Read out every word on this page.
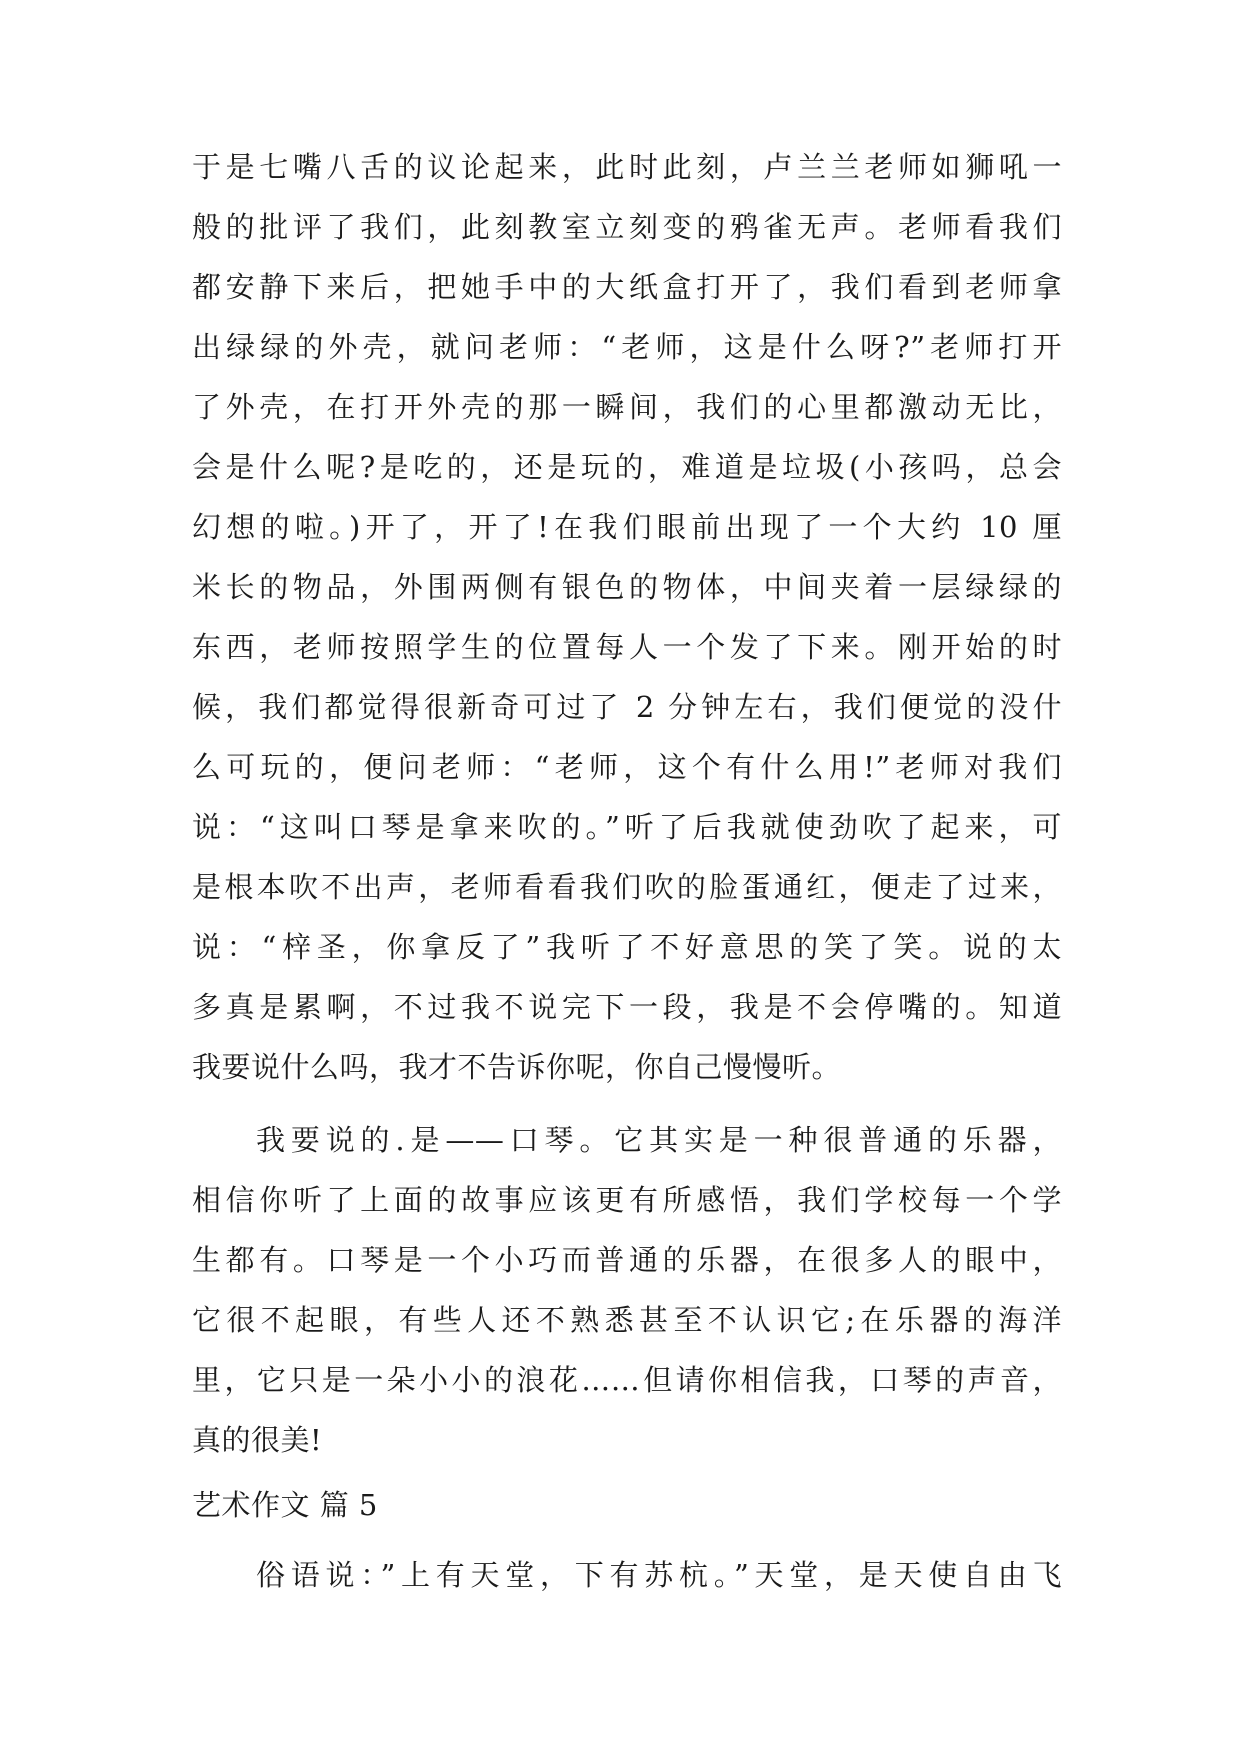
于是七嘴八舌的议论起来，此时此刻，卢兰兰老师如狮吼一
般的批评了我们，此刻教室立刻变的鸦雀无声。老师看我们
都安静下来后，把她手中的大纸盒打开了，我们看到老师拿
出绿绿的外壳，就问老师：“老师，这是什么呀?”老师打开
了外壳，在打开外壳的那一瞬间，我们的心里都激动无比，
会是什么呢?是吃的，还是玩的，难道是垃圾(小孩吗，总会
幻想的啦。)开了，开了!在我们眼前出现了一个大约 10 厘
米长的物品，外围两侧有银色的物体，中间夹着一层绿绿的
东西，老师按照学生的位置每人一个发了下来。刚开始的时
候，我们都觉得很新奇可过了 2 分钟左右，我们便觉的没什
么可玩的，便问老师：“老师，这个有什么用!”老师对我们
说：“这叫口琴是拿来吹的。”听了后我就使劲吹了起来，可
是根本吹不出声，老师看看我们吹的脸蛋通红，便走了过来，
说：“梓圣，你拿反了”我听了不好意思的笑了笑。说的太
多真是累啊，不过我不说完下一段，我是不会停嘴的。知道
我要说什么吗，我才不告诉你呢，你自己慢慢听。
我要说的.是——口琴。它其实是一种很普通的乐器，
相信你听了上面的故事应该更有所感悟，我们学校每一个学
生都有。口琴是一个小巧而普通的乐器，在很多人的眼中，
它很不起眼，有些人还不熟悉甚至不认识它;在乐器的海洋
里，它只是一朵小小的浪花……但请你相信我，口琴的声音，
真的很美!
艺术作文 篇 5
俗语说：”上有天堂，下有苏杭。”天堂，是天使自由飞
